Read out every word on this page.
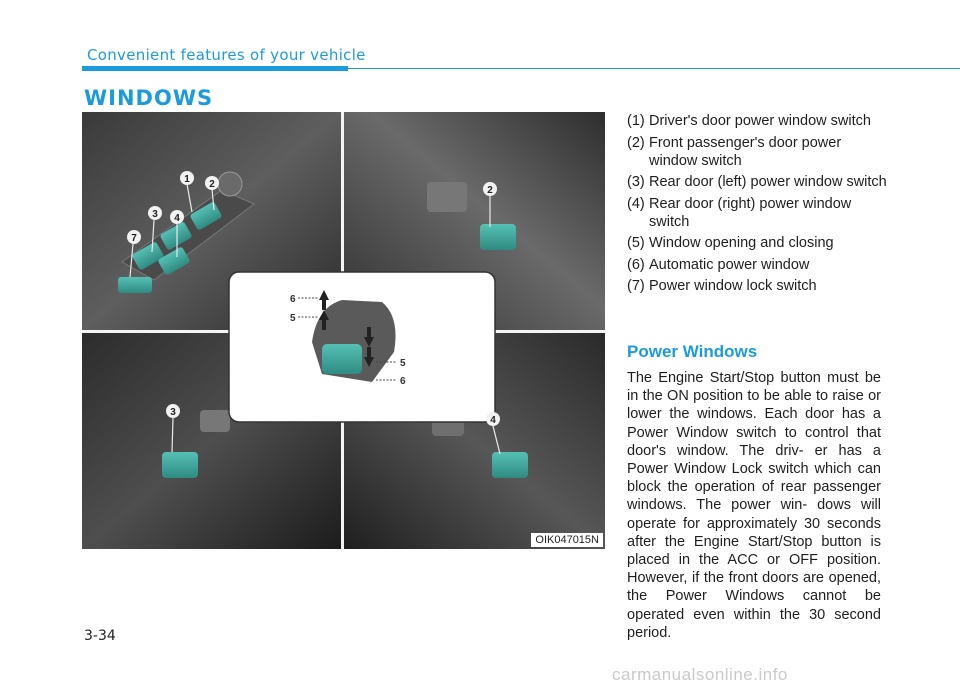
Convenient features of your vehicle
WINDOWS
6
5
5
6
1 2
3 4
7
2
3
4
OIK047015N
(1) Driver's door power window switch
(2) Front passenger's door power window switch
(3) Rear door (left) power window switch
(4) Rear door (right) power window switch
(5) Window opening and closing
(6) Automatic power window
(7) Power window lock switch
Power Windows

The Engine Start/Stop button must be in the ON position to be able to raise or lower the windows. Each door has a Power Window switch to control that door's window. The driv- er has a Power Window Lock switch which can block the operation of rear passenger windows. The power win- dows will operate for approximately 30 seconds after the Engine Start/Stop button is placed in the ACC or OFF position. However, if the front doors are opened, the Power Windows cannot be operated even within the 30 second period.

3-34
carmanualsonline.info
